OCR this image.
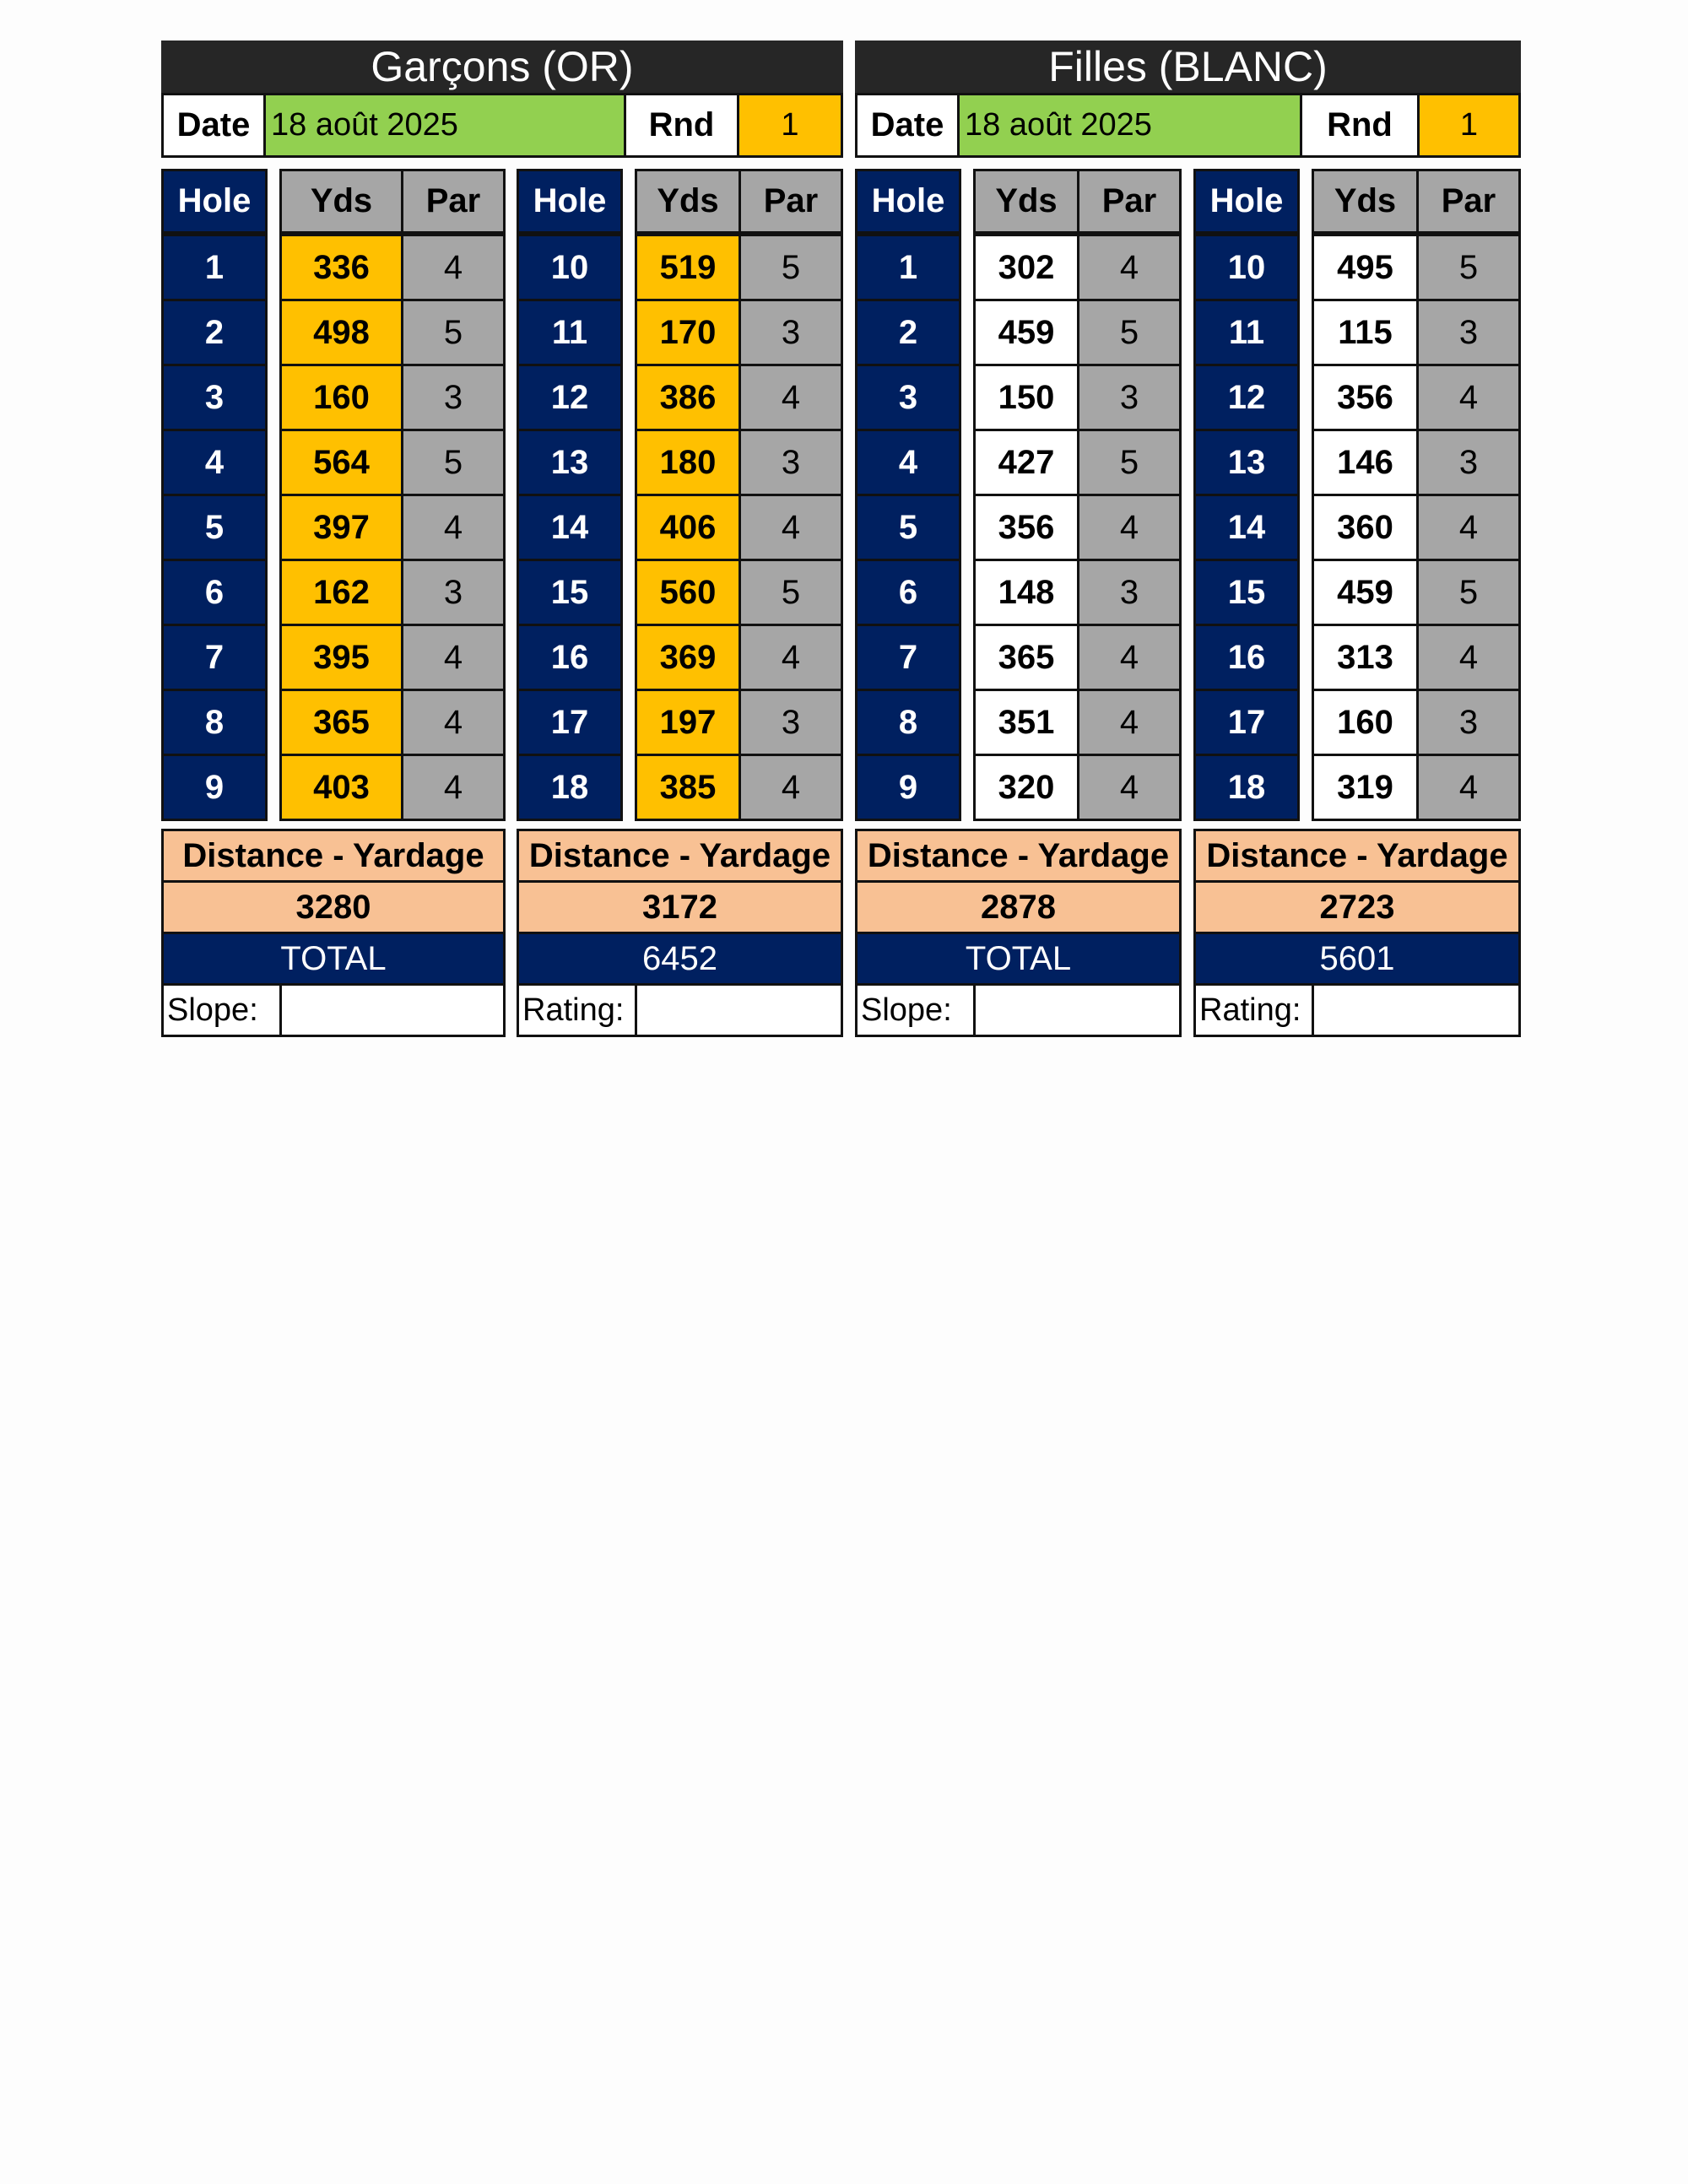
Garçons (OR)
Date 18 août 2025	Rnd	1
Hole	Yds	Par
1	336	4
2	498	5
3	160	3
4	564	5
5	397	4
6	162	3
7	395	4
8	365	4
9	403	4
Distance - Yardage
3280
TOTAL
Slope:
Hole	Yds	Par
10	519	5
11	170	3
12	386	4
13	180	3
14	406	4
15	560	5
16	369	4
17	197	3
18	385	4
Distance - Yardage
3172
6452
Rating:
Filles (BLANC)
Date 18 août 2025	Rnd	1
Hole	Yds	Par
1	302	4
2	459	5
3	150	3
4	427	5
5	356	4
6	148	3
7	365	4
8	351	4
9	320	4
Distance - Yardage
2878
TOTAL
Slope:
Hole	Yds	Par
10	495	5
11	115	3
12	356	4
13	146	3
14	360	4
15	459	5
16	313	4
17	160	3
18	319	4
Distance - Yardage
2723
5601
Rating:
